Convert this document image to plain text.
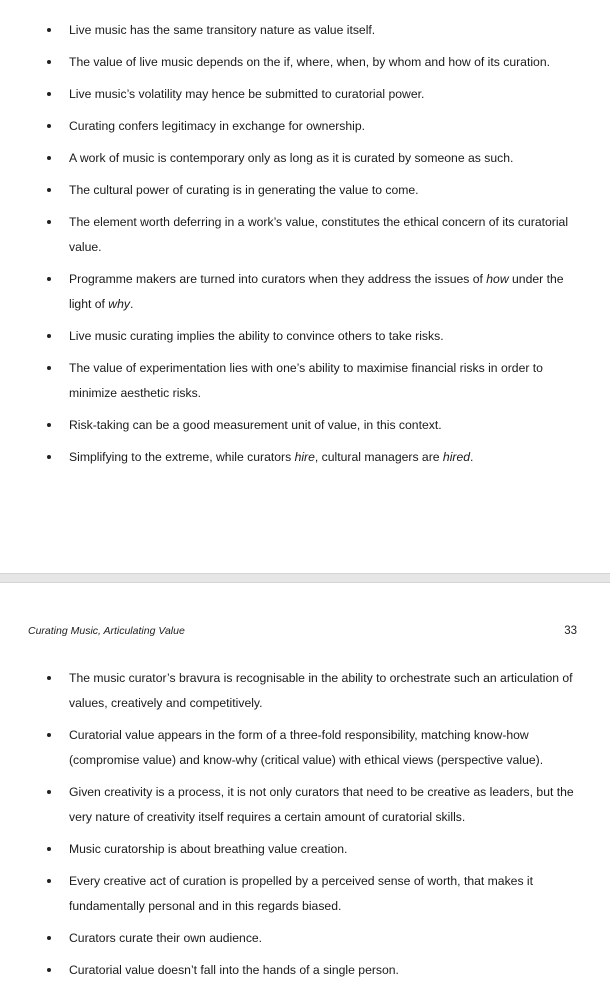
Live music has the same transitory nature as value itself.
The value of live music depends on the if, where, when, by whom and how of its curation.
Live music’s volatility may hence be submitted to curatorial power.
Curating confers legitimacy in exchange for ownership.
A work of music is contemporary only as long as it is curated by someone as such.
The cultural power of curating is in generating the value to come.
The element worth deferring in a work’s value, constitutes the ethical concern of its curatorial value.
Programme makers are turned into curators when they address the issues of how under the light of why.
Live music curating implies the ability to convince others to take risks.
The value of experimentation lies with one’s ability to maximise financial risks in order to minimize aesthetic risks.
Risk-taking can be a good measurement unit of value, in this context.
Simplifying to the extreme, while curators hire, cultural managers are hired.
Curating Music, Articulating Value	33
The music curator’s bravura is recognisable in the ability to orchestrate such an articulation of values, creatively and competitively.
Curatorial value appears in the form of a three-fold responsibility, matching know-how (compromise value) and know-why (critical value) with ethical views (perspective value).
Given creativity is a process, it is not only curators that need to be creative as leaders, but the very nature of creativity itself requires a certain amount of curatorial skills.
Music curatorship is about breathing value creation.
Every creative act of curation is propelled by a perceived sense of worth, that makes it fundamentally personal and in this regards biased.
Curators curate their own audience.
Curatorial value doesn’t fall into the hands of a single person.
